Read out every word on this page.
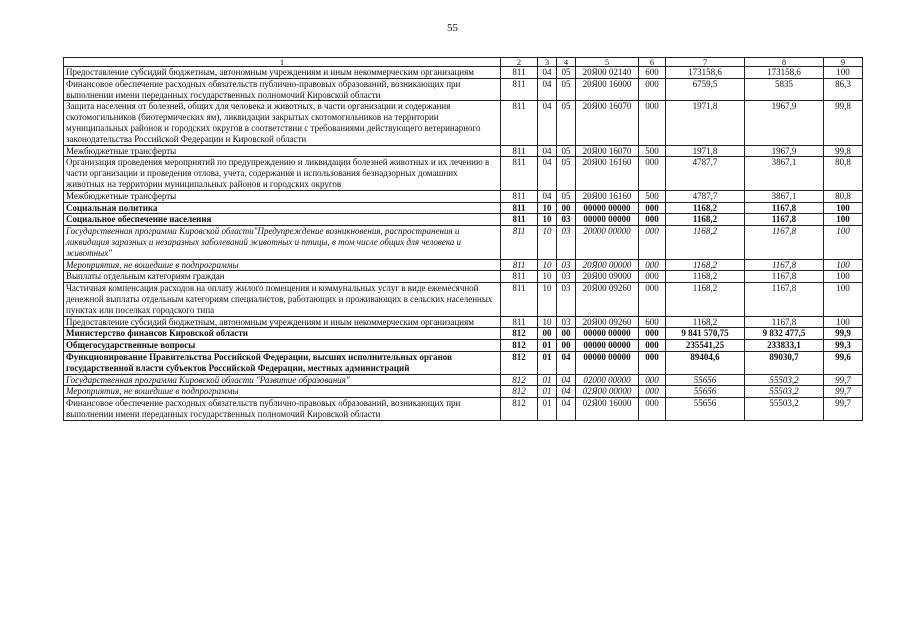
55
1	2	3	4	5	6	7	8	9
Предоставление субсидий бюджетным, автономным учреждениям и иным некоммерческим организациям	811	04	05	20Я00 02140	600	173158,6	173158,6	100
Финансовое обеспечение расходных обязательств публично-правовых образований, возникающих при выполнении имени переданных государственных полномочий Кировской области	811	04	05	20Я00 16000	000	6759,5	5835	86,3
Защита населения от болезней, общих для человека и животных, в части организации и содержания скотомогильников (биотермических ям), ликвидации закрытых скотомогильников на территории муниципальных районов и городских округов в соответствии с требованиями действующего ветеринарного законодательства Российской Федерации и Кировской области	811	04	05	20Я00 16070	000	1971,8	1967,9	99,8
Межбюджетные трансферты	811	04	05	20Я00 16070	500	1971,8	1967,9	99,8
Организация проведения мероприятий по предупреждению и ликвидации болезней животных и их лечению в части организации и проведения отлова, учета, содержания и использования безнадзорных домашних животных на территории муниципальных районов и городских округов	811	04	05	20Я00 16160	000	4787,7	3867,1	80,8
Межбюджетные трансферты	811	04	05	20Я00 16160	500	4787,7	3867,1	80,8
Социальная политика	811	10	00	00000 00000	000	1168,2	1167,8	100
Социальное обеспечение населения	811	10	03	00000 00000	000	1168,2	1167,8	100
Государственная программа Кировской области"Предупреждение возникновения, распространения и ликвидация заразных и незаразных заболеваний животных и птицы, в том числе общих для человека и животных"	811	10	03	20000 00000	000	1168,2	1167,8	100
Мероприятия, не вошедшие в подпрограммы	811	10	03	20Я00 00000	000	1168,2	1167,8	100
Выплаты отдельным категориям граждан	811	10	03	20Я00 09000	000	1168,2	1167,8	100
Частичная компенсация расходов на оплату жилого помещения и коммунальных услуг в виде ежемесячной денежной выплаты отдельным категориям специалистов, работающих и проживающих в сельских населенных пунктах или поселках городского типа	811	10	03	20Я00 09260	000	1168,2	1167,8	100
Предоставление субсидий бюджетным, автономным учреждениям и иным некоммерческим организациям	811	10	03	20Я00 09260	600	1168,2	1167,8	100
Министерство финансов Кировской области	812	00	00	00000 00000	000	9 841 570,75	9 832 477,5	99,9
Общегосударственные вопросы	812	01	00	00000 00000	000	235541,25	233833,1	99,3
Функционирование Правительства Российской Федерации, высших исполнительных органов государственной власти субъектов Российской Федерации, местных администраций	812	01	04	00000 00000	000	89404,6	89030,7	99,6
Государственная программа Кировской области "Развитие образования"	812	01	04	02000 00000	000	55656	55503,2	99,7
Мероприятия, не вошедшие в подпрограммы	812	01	04	02Я00 00000	000	55656	55503,2	99,7
Финансовое обеспечение расходных обязательств публично-правовых образований, возникающих при выполнении имени переданных государственных полномочий Кировской области	812	01	04	02Я00 16000	000	55656	55503,2	99,7
